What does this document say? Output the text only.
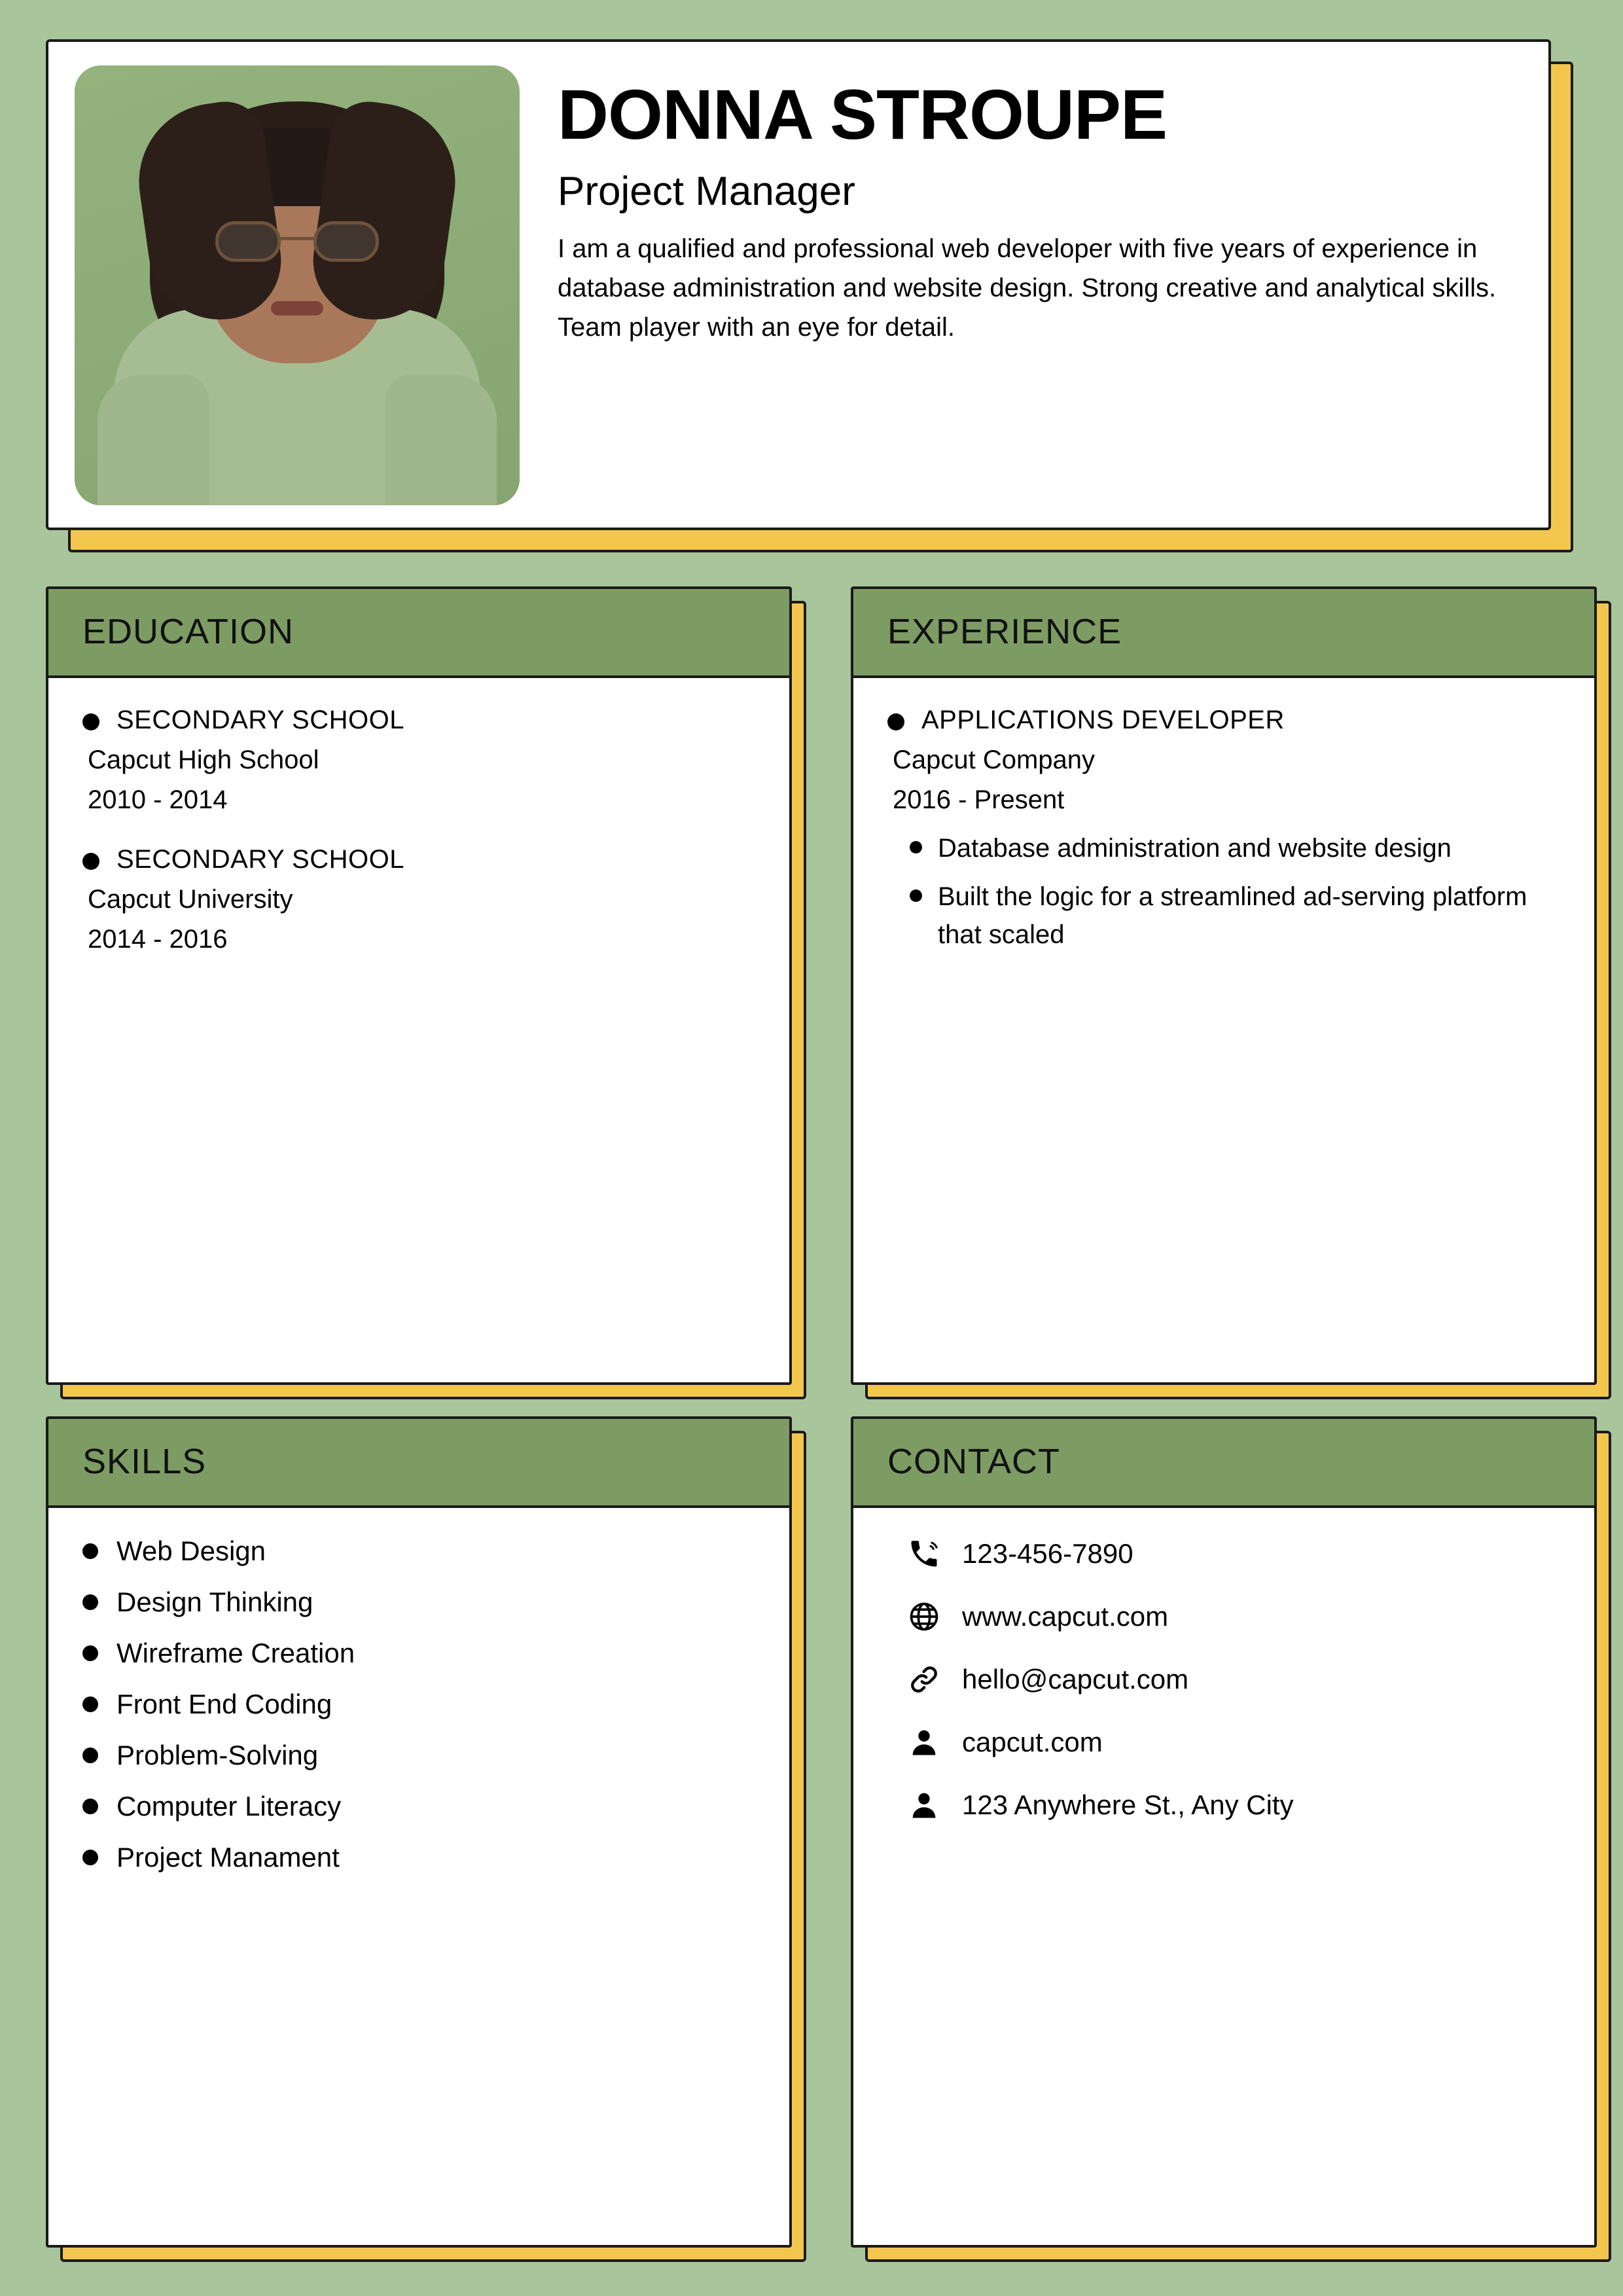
DONNA STROUPE
Project Manager
I am a qualified and professional web developer with five years of experience in database administration and website design. Strong creative and analytical skills. Team player with an eye for detail.
EDUCATION
SECONDARY SCHOOL
Capcut High School
2010 - 2014
SECONDARY SCHOOL
Capcut University
2014 - 2016
EXPERIENCE
APPLICATIONS DEVELOPER
Capcut Company
2016 - Present
Database administration and website design
Built the logic for a streamlined ad-serving platform that scaled
SKILLS
Web Design
Design Thinking
Wireframe Creation
Front End Coding
Problem-Solving
Computer Literacy
Project Manament
CONTACT
123-456-7890
www.capcut.com
hello@capcut.com
capcut.com
123 Anywhere St., Any City
